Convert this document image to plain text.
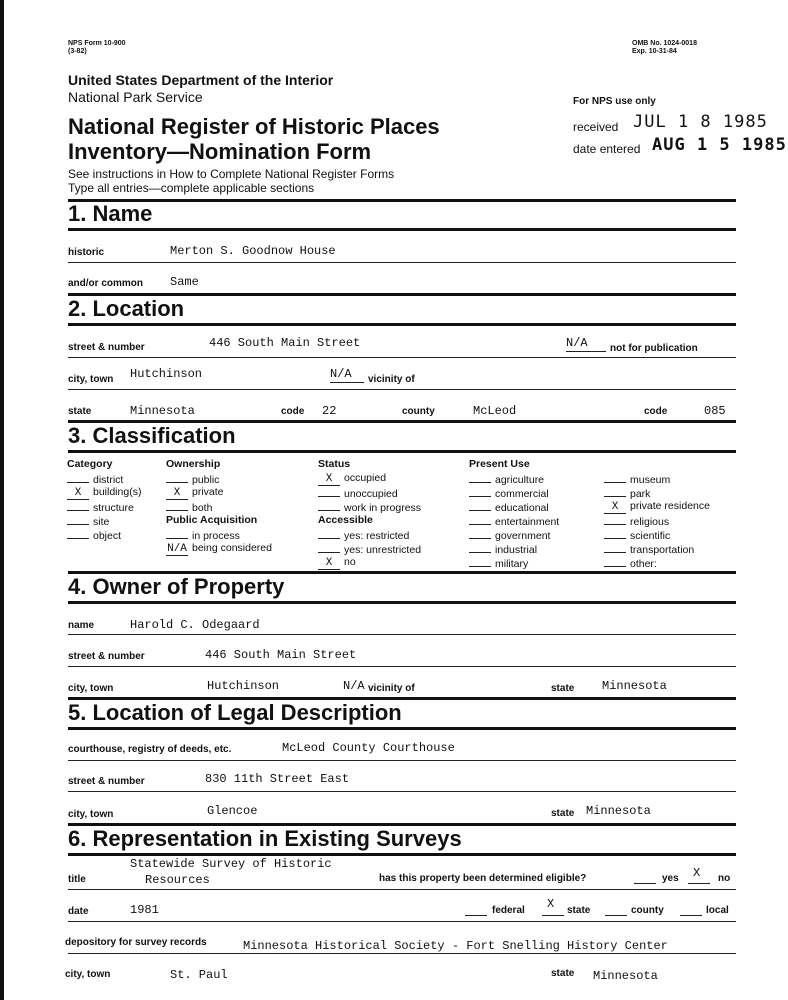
NPS Form 10-900
(3-82)
OMB No. 1024-0018
Exp. 10-31-84
United States Department of the Interior
National Park Service
National Register of Historic Places
Inventory—Nomination Form
See instructions in How to Complete National Register Forms
Type all entries—complete applicable sections
For NPS use only
received JUL 1 8 1985
date entered AUG 1 5 1985
1. Name
historic	Merton S. Goodnow House
and/or common Same
2. Location
street & number	446 South Main Street	N/A not for publication
city, town Hutchinson	N/A vicinity of
state	Minnesota	code 22	county	McLeod	code	085
3. Classification
Category
district
X building(s)
structure
site
object
Ownership
public
X private
both
Public Acquisition
in process
N/A being considered
Status
X occupied
unoccupied
work in progress
Accessible
yes: restricted
yes: unrestricted
X no
Present Use
agriculture
commercial
educational
entertainment
government
industrial
military
museum
park
X private residence
religious
scientific
transportation
other:
4. Owner of Property
name	Harold C. Odegaard
street & number	446 South Main Street
city, town	Hutchinson	N/A vicinity of	state Minnesota
5. Location of Legal Description
courthouse, registry of deeds, etc.	McLeod County Courthouse
street & number	830 11th Street East
city, town	Glencoe	state Minnesota
6. Representation in Existing Surveys
title
Statewide Survey of Historic
Resources	has this property been determined eligible?	yes X no
date	1981	federal X state	county	local
depository for survey records	Minnesota Historical Society - Fort Snelling History Center
city, town	St. Paul	state Minnesota
